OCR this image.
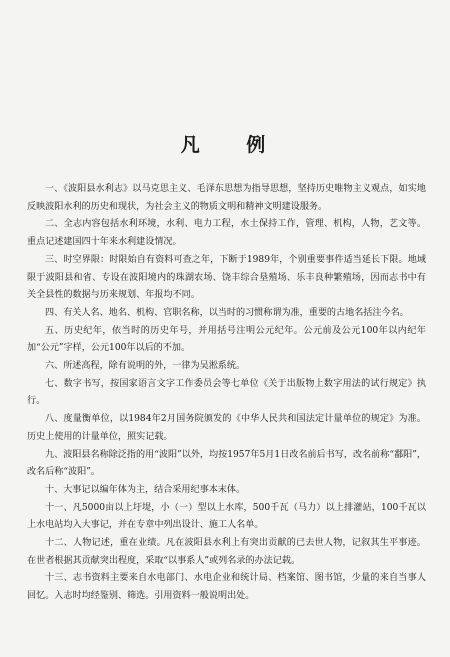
凡    例

一、《波阳县水利志》以马克思主义、毛泽东思想为指导思想，坚持历史唯物主义观点，如实地反映波阳水利的历史和现状，为社会主义的物质文明和精神文明建设服务。

二、全志内容包括水利环境，水利、电力工程，水土保持工作，管理、机构，人物，艺文等。重点记述建国四十年来水利建设情况。

三、时空界限：时限始自有资料可查之年，下断于1989年，个别重要事件适当延长下限。地域限于波阳县和省、专设在波阳境内的珠湖农场、饶丰综合垦殖场、乐丰良种繁殖场，因而志书中有关全县性的数据与历来规划、年报均不同。

四、有关人名、地名、机构、官职名称，以当时的习惯称谓为准，重要的古地名括注今名。

五、历史纪年，依当时的历史年号，并用括号注明公元纪年。公元前及公元100年以内纪年加“公元”字样，公元100年以后的不加。

六、所述高程，除有说明的外，一律为吴淞系统。

七、数字书写，按国家语言文字工作委员会等七单位《关于出版物上数字用法的试行规定》执行。

八、度量衡单位，以1984年2月国务院颁发的《中华人民共和国法定计量单位的规定》为准。历史上使用的计量单位，照实记载。

九、波阳县名称除泛指的用“波阳”以外，均按1957年5月1日改名前后书写，改名前称“鄱阳”，改名后称“波阳”。

十、大事记以编年体为主，结合采用纪事本末体。

十一、凡5000亩以上圩堤，小（一）型以上水库，500千瓦（马力）以上排灌站，100千瓦以上水电站均入大事记，并在专章中列出设计、施工人名单。

十二、人物记述，重在业绩。凡在波阳县水利上有突出贡献的已去世人物，记叙其生平事迹。在世者根据其贡献突出程度，采取“以事系人”或列名录的办法记载。

十三、志书资料主要来自水电部门、水电企业和统计局、档案馆、图书馆，少量的来自当事人回忆。入志时均经鉴别、筛选。引用资料一般说明出处。
